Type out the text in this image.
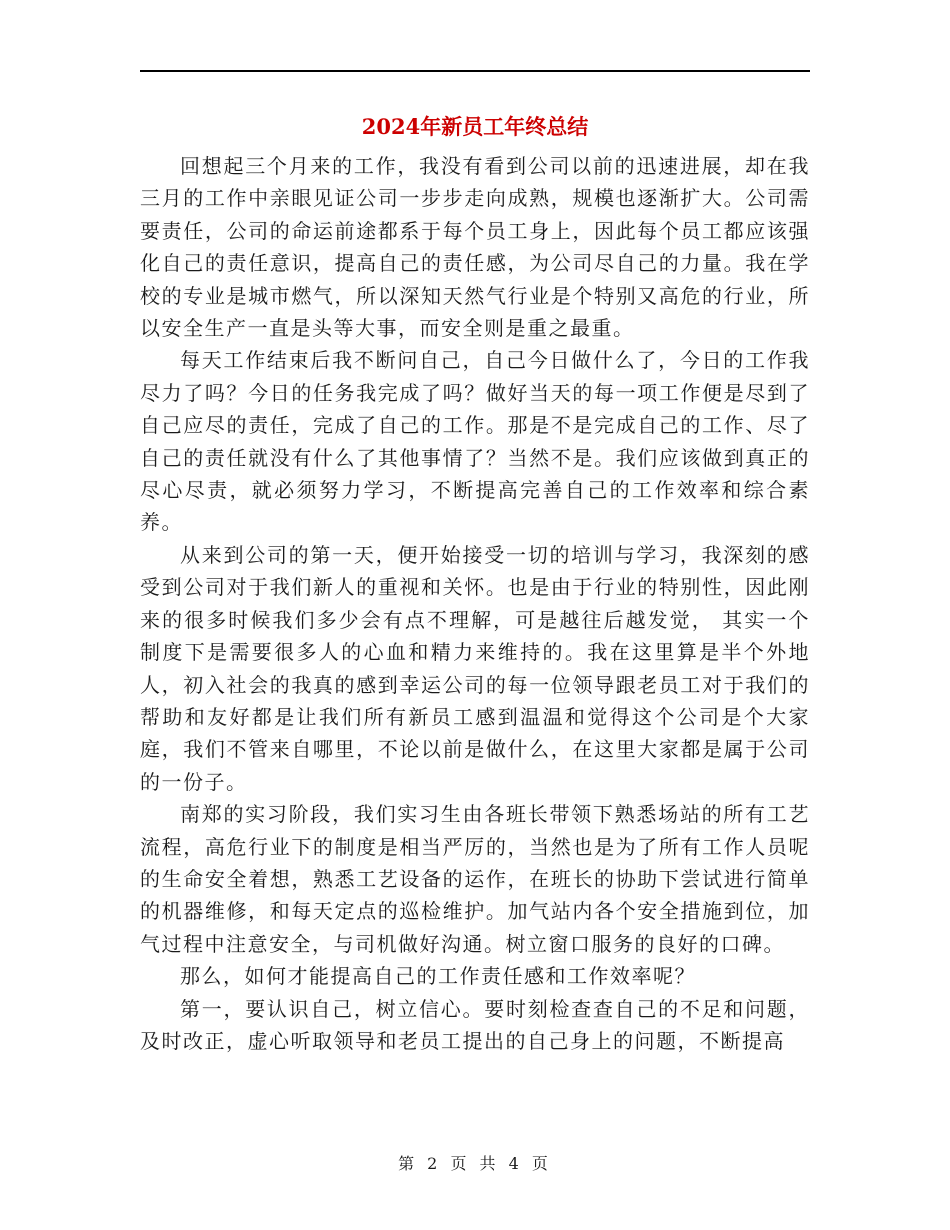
2024年新员工年终总结

回想起三个月来的工作，我没有看到公司以前的迅速进展，却在我三月的工作中亲眼见证公司一步步走向成熟，规模也逐渐扩大。公司需要责任，公司的命运前途都系于每个员工身上，因此每个员工都应该强化自己的责任意识，提高自己的责任感，为公司尽自己的力量。我在学校的专业是城市燃气，所以深知天然气行业是个特别又高危的行业，所以安全生产一直是头等大事，而安全则是重之最重。

每天工作结束后我不断问自己，自己今日做什么了，今日的工作我尽力了吗？今日的任务我完成了吗？做好当天的每一项工作便是尽到了自己应尽的责任，完成了自己的工作。那是不是完成自己的工作、尽了自己的责任就没有什么了其他事情了？当然不是。我们应该做到真正的尽心尽责，就必须努力学习，不断提高完善自己的工作效率和综合素养。

从来到公司的第一天，便开始接受一切的培训与学习，我深刻的感受到公司对于我们新人的重视和关怀。也是由于行业的特别性，因此刚来的很多时候我们多少会有点不理解，可是越往后越发觉， 其实一个制度下是需要很多人的心血和精力来维持的。我在这里算是半个外地人，初入社会的我真的感到幸运公司的每一位领导跟老员工对于我们的帮助和友好都是让我们所有新员工感到温温和觉得这个公司是个大家庭，我们不管来自哪里，不论以前是做什么，在这里大家都是属于公司的一份子。

南郑的实习阶段，我们实习生由各班长带领下熟悉场站的所有工艺流程，高危行业下的制度是相当严厉的，当然也是为了所有工作人员呢的生命安全着想，熟悉工艺设备的运作，在班长的协助下尝试进行简单的机器维修，和每天定点的巡检维护。加气站内各个安全措施到位，加气过程中注意安全，与司机做好沟通。树立窗口服务的良好的口碑。

那么，如何才能提高自己的工作责任感和工作效率呢？

第一，要认识自己，树立信心。要时刻检查查自己的不足和问题，及时改正，虚心听取领导和老员工提出的自己身上的问题，不断提高

第 2 页 共 4 页
